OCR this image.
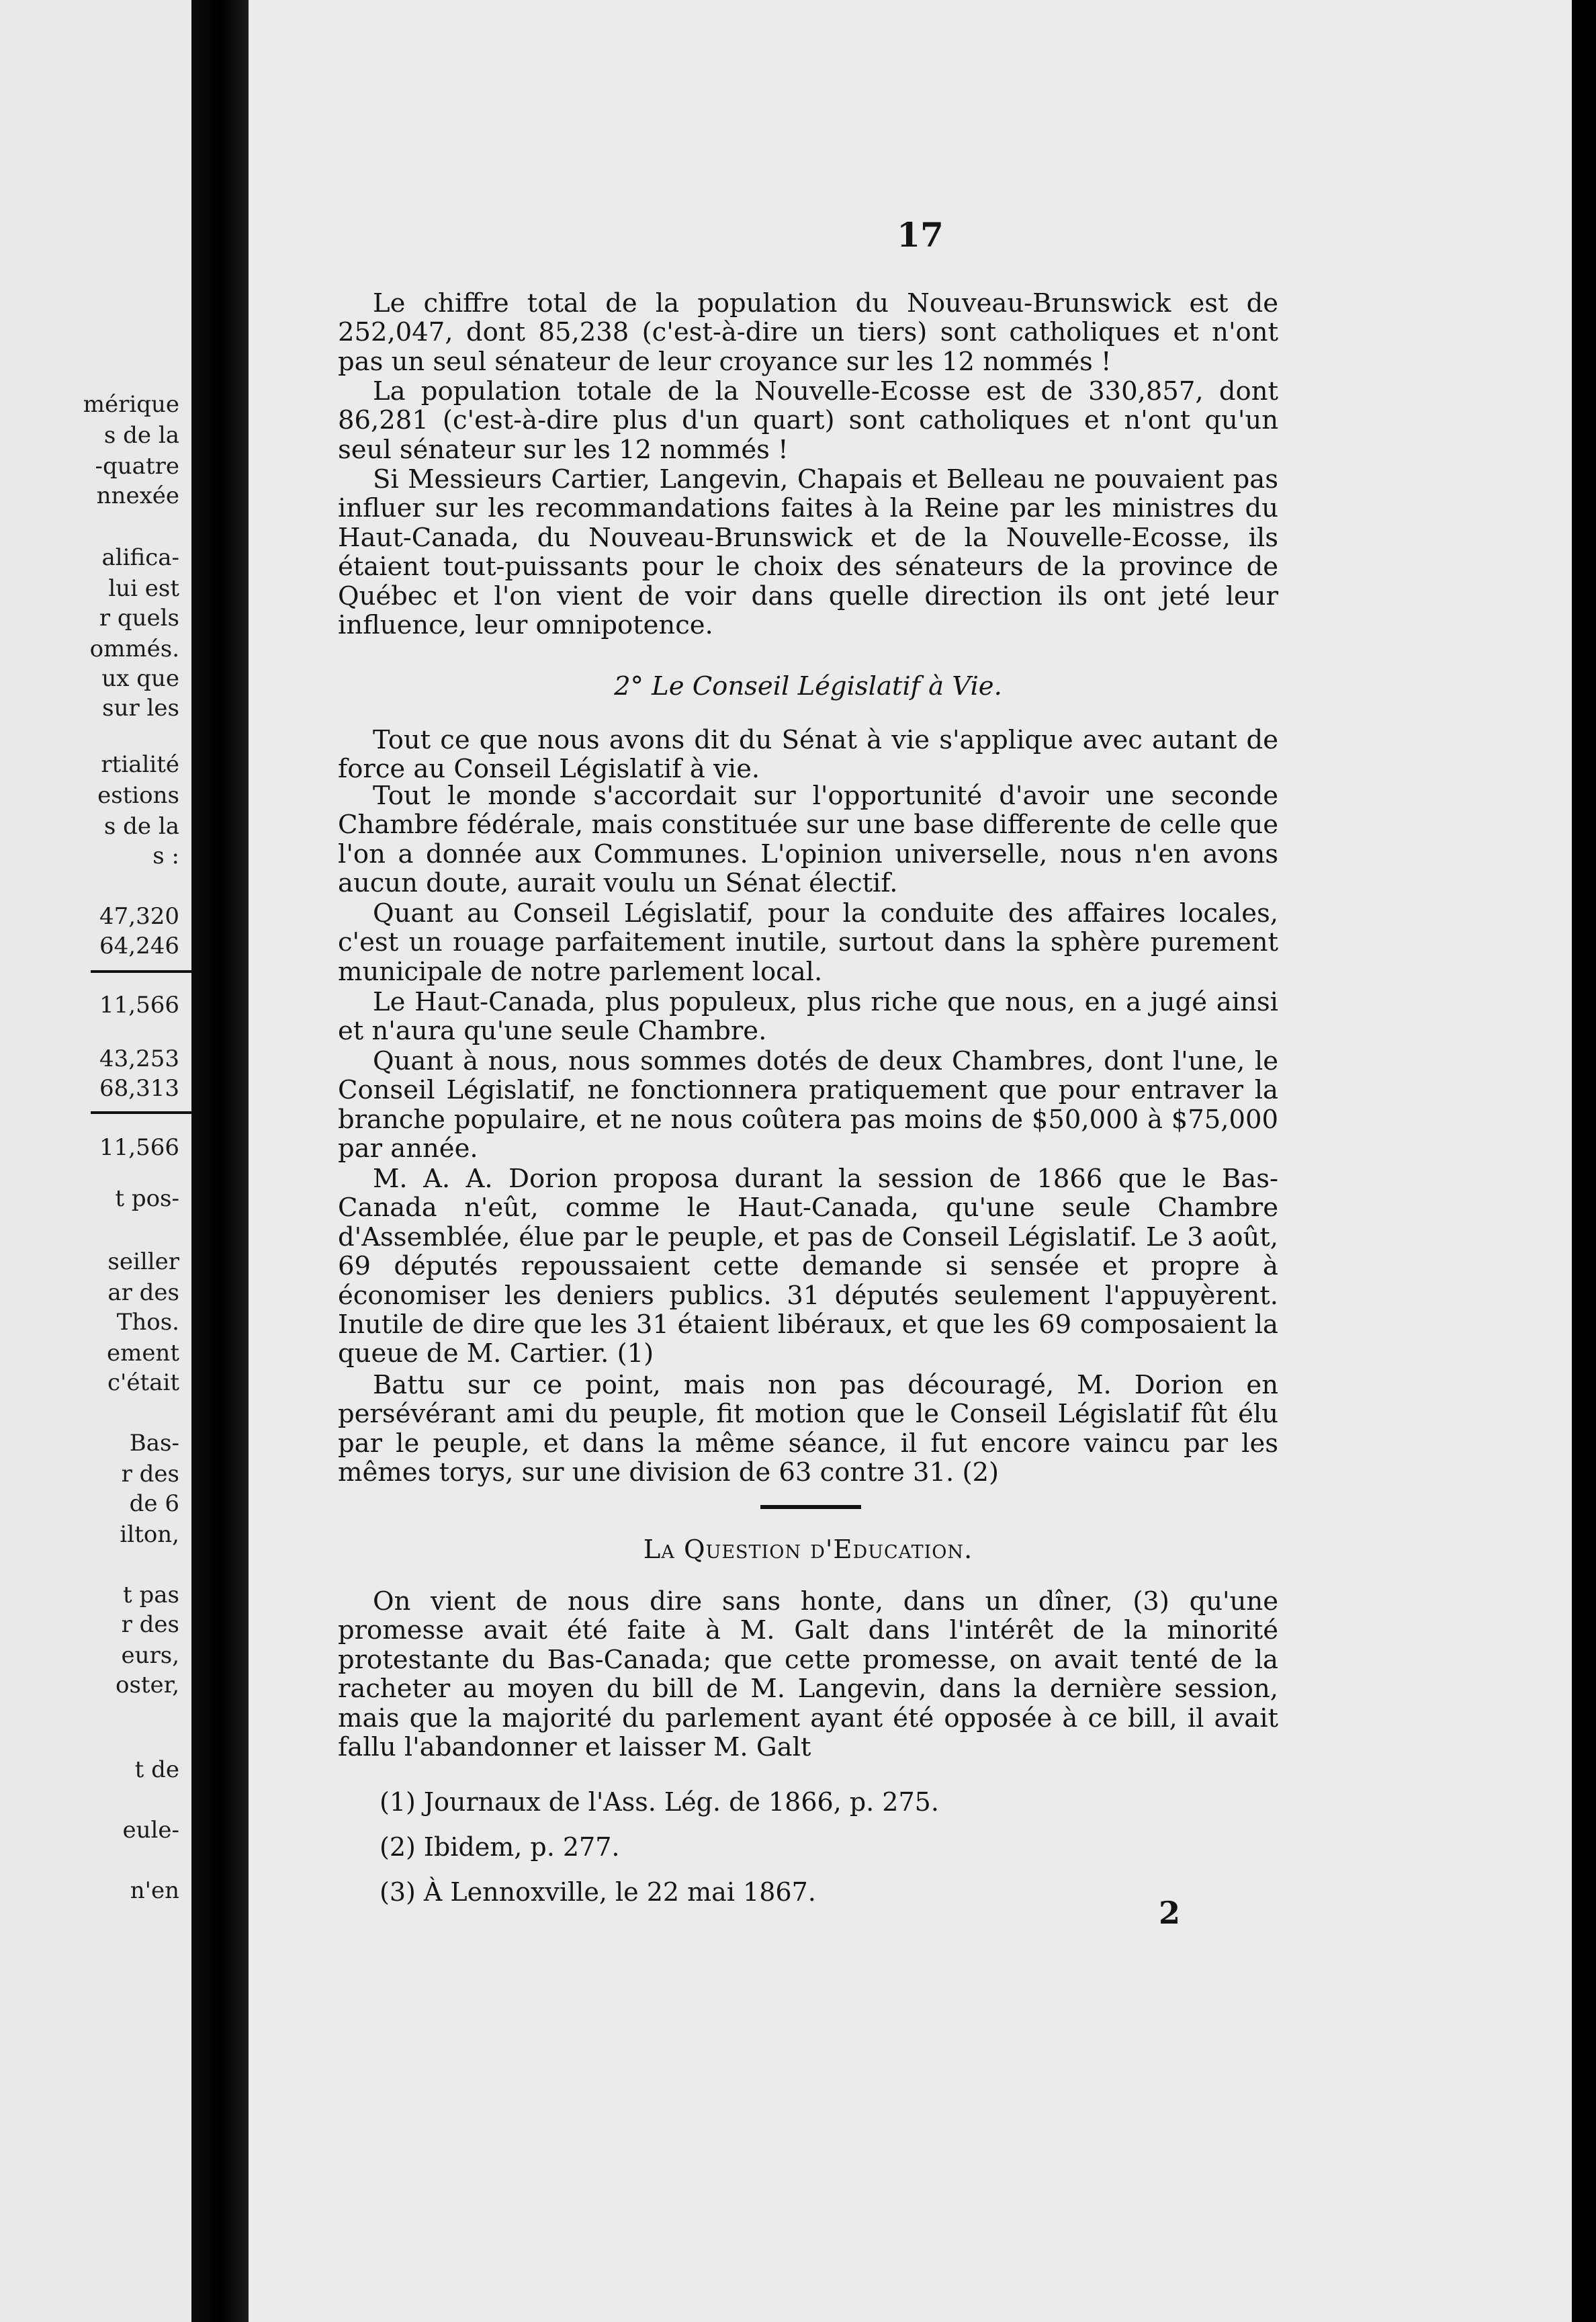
mérique
s de la
-quatre
nnexée
alifica-
lui est
r quels
ommés.
ux que
sur les
rtialité
estions
s de la
s :
47,320
64,246
11,566
43,253
68,313
11,566
t pos-
seiller
ar des
Thos.
ement
c'était
Bas-
r des
de 6
ilton,
t pas
r des
eurs,
oster,
t de
eule-
n'en
17

Le chiffre total de la population du Nouveau-Brunswick est de 252,047, dont 85,238 (c'est-à-dire un tiers) sont catholiques et n'ont pas un seul sénateur de leur croyance sur les 12 nommés !

La population totale de la Nouvelle-Ecosse est de 330,857, dont 86,281 (c'est-à-dire plus d'un quart) sont catholiques et n'ont qu'un seul sénateur sur les 12 nommés !

Si Messieurs Cartier, Langevin, Chapais et Belleau ne pouvaient pas influer sur les recommandations faites à la Reine par les ministres du Haut-Canada, du Nouveau-Brunswick et de la Nouvelle-Ecosse, ils étaient tout-puissants pour le choix des sénateurs de la province de Québec et l'on vient de voir dans quelle direction ils ont jeté leur influence, leur omnipotence.

2° Le Conseil Législatif à Vie.

Tout ce que nous avons dit du Sénat à vie s'applique avec autant de force au Conseil Législatif à vie.

Tout le monde s'accordait sur l'opportunité d'avoir une seconde Chambre fédérale, mais constituée sur une base differente de celle que l'on a donnée aux Communes. L'opinion universelle, nous n'en avons aucun doute, aurait voulu un Sénat électif.

Quant au Conseil Législatif, pour la conduite des affaires locales, c'est un rouage parfaitement inutile, surtout dans la sphère purement municipale de notre parlement local.

Le Haut-Canada, plus populeux, plus riche que nous, en a jugé ainsi et n'aura qu'une seule Chambre.

Quant à nous, nous sommes dotés de deux Chambres, dont l'une, le Conseil Législatif, ne fonctionnera pratiquement que pour entraver la branche populaire, et ne nous coûtera pas moins de $50,000 à $75,000 par année.

M. A. A. Dorion proposa durant la session de 1866 que le Bas-Canada n'eût, comme le Haut-Canada, qu'une seule Chambre d'Assemblée, élue par le peuple, et pas de Conseil Législatif. Le 3 août, 69 députés repoussaient cette demande si sensée et propre à économiser les deniers publics. 31 députés seulement l'appuyèrent. Inutile de dire que les 31 étaient libéraux, et que les 69 composaient la queue de M. Cartier. (1)

Battu sur ce point, mais non pas découragé, M. Dorion en persévérant ami du peuple, fit motion que le Conseil Législatif fût élu par le peuple, et dans la même séance, il fut encore vaincu par les mêmes torys, sur une division de 63 contre 31. (2)

La Question d'Education.

On vient de nous dire sans honte, dans un dîner, (3) qu'une promesse avait été faite à M. Galt dans l'intérêt de la minorité protestante du Bas-Canada; que cette promesse, on avait tenté de la racheter au moyen du bill de M. Langevin, dans la dernière session, mais que la majorité du parlement ayant été opposée à ce bill, il avait fallu l'abandonner et laisser M. Galt

(1) Journaux de l'Ass. Lég. de 1866, p. 275.
(2) Ibidem, p. 277.
(3) À Lennoxville, le 22 mai 1867.
2
